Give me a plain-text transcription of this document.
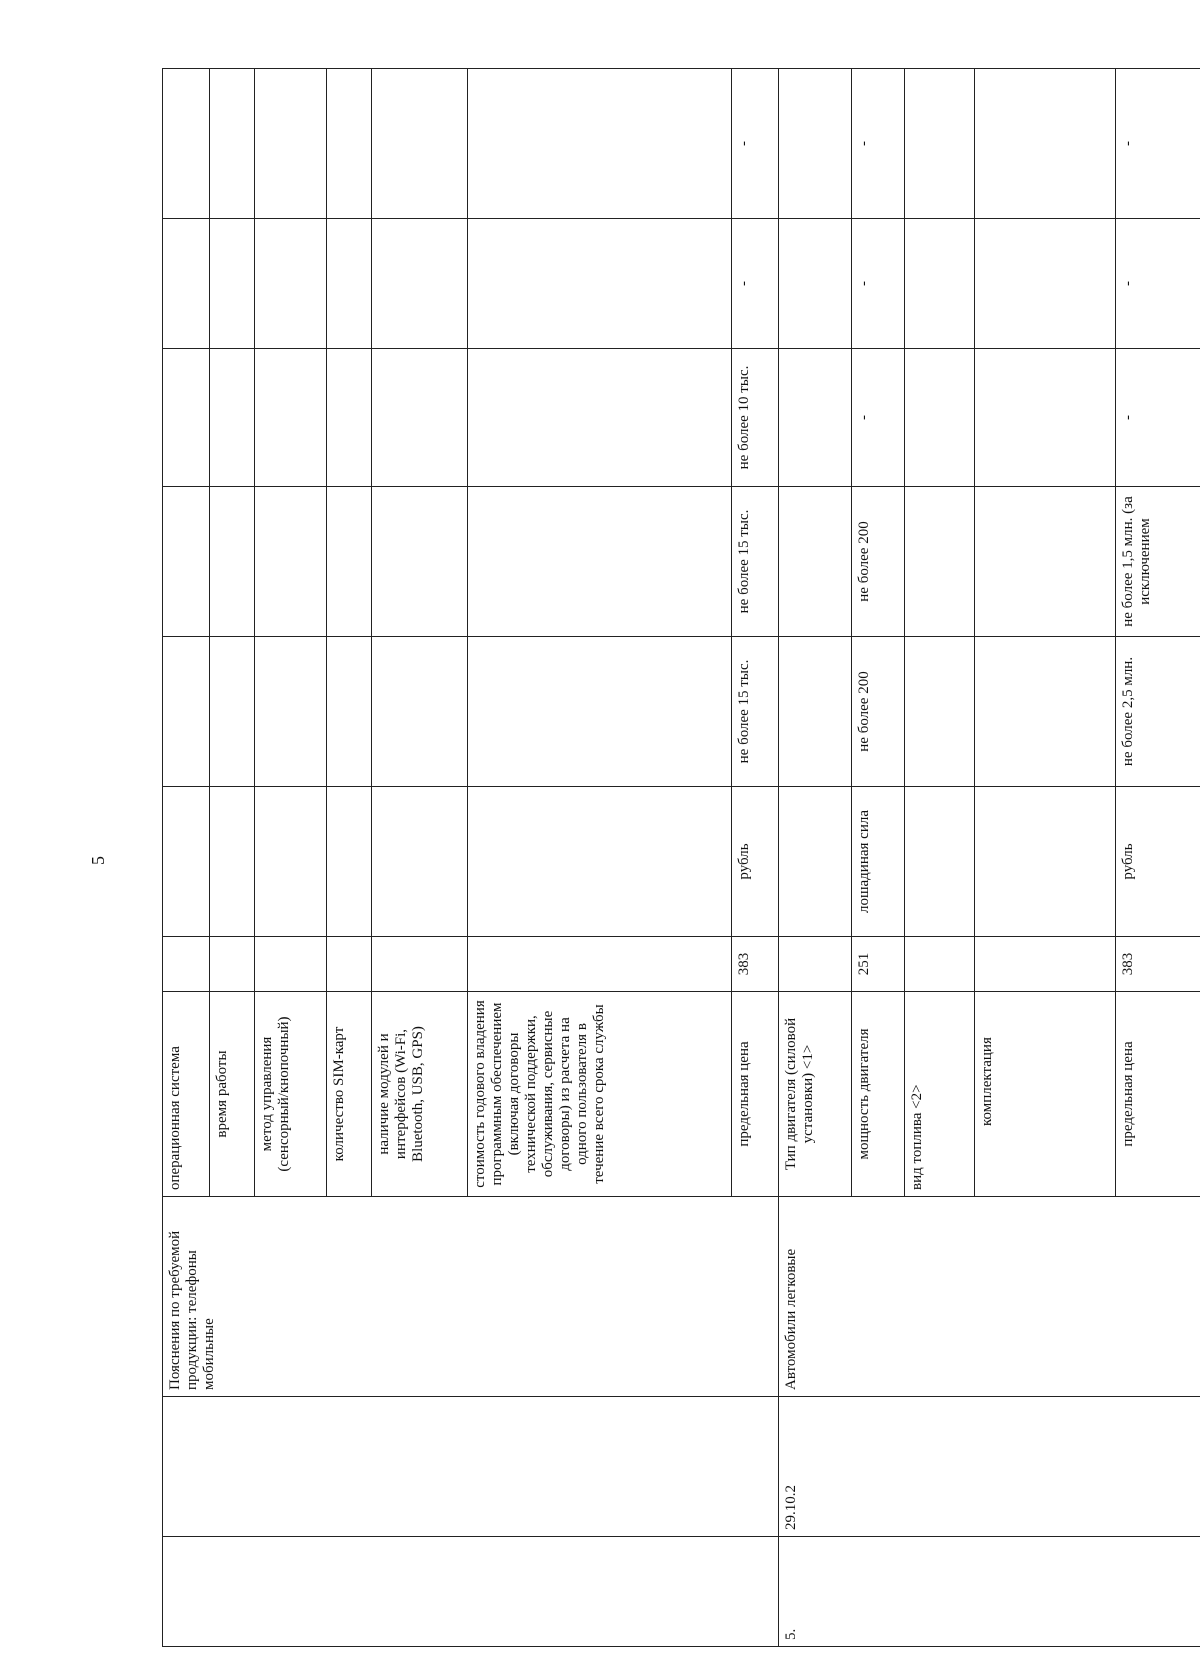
5
		Пояснения по требуемой продукции: телефоны мобильные	операционная система							
			время работы							
			метод управления (сенсорный/кнопочный)							
			количество SIM-карт							
			наличие модулей и интерфейсов (Wi-Fi, Bluetooth, USB, GPS)							
			стоимость годового владения программным обеспечением (включая договоры технической поддержки, обслуживания, сервисные договоры) из расчета на одного пользователя в течение всего срока службы							
			предельная цена	383	рубль	не более 15 тыс.	не более 15 тыс.	не более 10 тыс.	-	-
5.	29.10.2	Автомобили легковые	Тип двигателя (силовой установки) <1>							
			мощность двигателя	251	лошадиная сила	не более 200	не более 200	-	-	-
			вид топлива <2>							
			комплектация							
			предельная цена	383	рубль	не более 2,5 млн.	не более 1,5 млн. (за исключением	-	-	-
